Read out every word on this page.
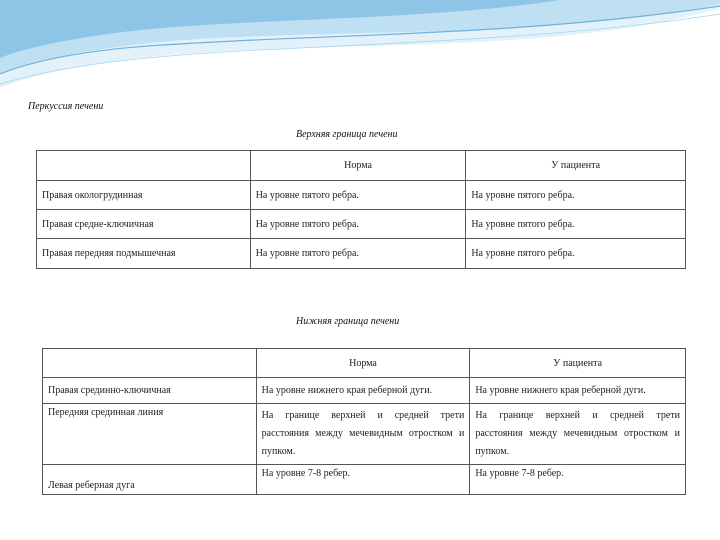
Перкуссия печени
Верхняя граница печени
	Норма	У пациента
Правая окологрудинная	На уровне пятого ребра.	На уровне пятого ребра.
Правая средне-ключичная	На уровне пятого ребра.	На уровне пятого ребра.
Правая передняя подмышечная	На уровне пятого ребра.	На уровне пятого ребра.
Нижняя граница печени
	Норма	У пациента
Правая срединно-ключичная	На уровне нижнего края реберной дуги.	На уровне нижнего края реберной дуги.
Передняя срединная линия	На границе верхней и средней трети расстояния между мечевидным отростком и пупком.	На границе верхней и средней трети расстояния между мечевидным отростком и пупком.
Левая реберная дуга	На уровне 7-8 ребер.	На уровне 7-8 ребер.
